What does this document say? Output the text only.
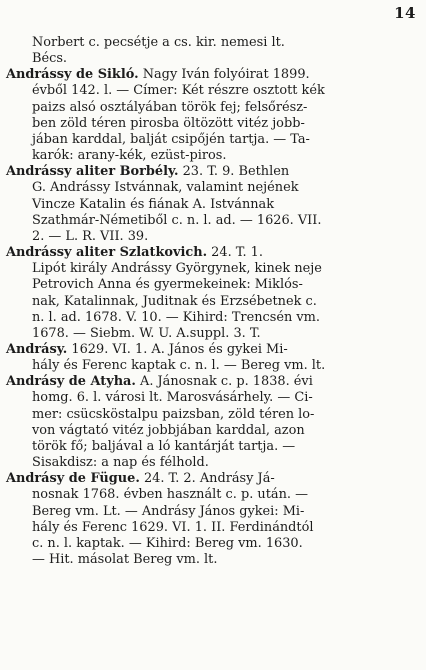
14
Norbert c. pecsétje a cs. kir. nemesi lt.
Bécs.
Andrássy de Sikló. Nagy Iván folyóirat 1899.
évből 142. l. — Címer: Két részre osztott kék
paizs alsó osztályában török fej; felsőrész-
ben zöld téren pirosba öltözött vitéz jobb-
jában karddal, balját csipőjén tartja. — Ta-
karók: arany-kék, ezüst-piros.
Andrássy aliter Borbély. 23. T. 9. Bethlen
G. Andrássy Istvánnak, valamint nejének
Vincze Katalin és fiának A. Istvánnak
Szathmár-Németiből c. n. l. ad. — 1626. VII.
2. — L. R. VII. 39.
Andrássy aliter Szlatkovich. 24. T. 1.
Lipót király Andrássy Györgynek, kinek neje
Petrovich Anna és gyermekeinek: Miklós-
nak, Katalinnak, Juditnak és Erzsébetnek c.
n. l. ad. 1678. V. 10. — Kihird: Trencsén vm.
1678. — Siebm. W. U. A.suppl. 3. T.
Andrásy. 1629. VI. 1. A. János és gykei Mi-
hály és Ferenc kaptak c. n. l. — Bereg vm. lt.
Andrásy de Atyha. A. Jánosnak c. p. 1838. évi
homg. 6. l. városi lt. Marosvásárhely. — Ci-
mer: csücsköstalpu paizsban, zöld téren lo-
von vágtató vitéz jobbjában karddal, azon
török fő; baljával a ló kantárját tartja. —
Sisakdisz: a nap és félhold.
Andrásy de Fügue. 24. T. 2. Andrásy Já-
nosnak 1768. évben használt c. p. után. —
Bereg vm. Lt. — Andrásy János gykei: Mi-
hály és Ferenc 1629. VI. 1. II. Ferdinándtól
c. n. l. kaptak. — Kihird: Bereg vm. 1630.
— Hit. másolat Bereg vm. lt.
